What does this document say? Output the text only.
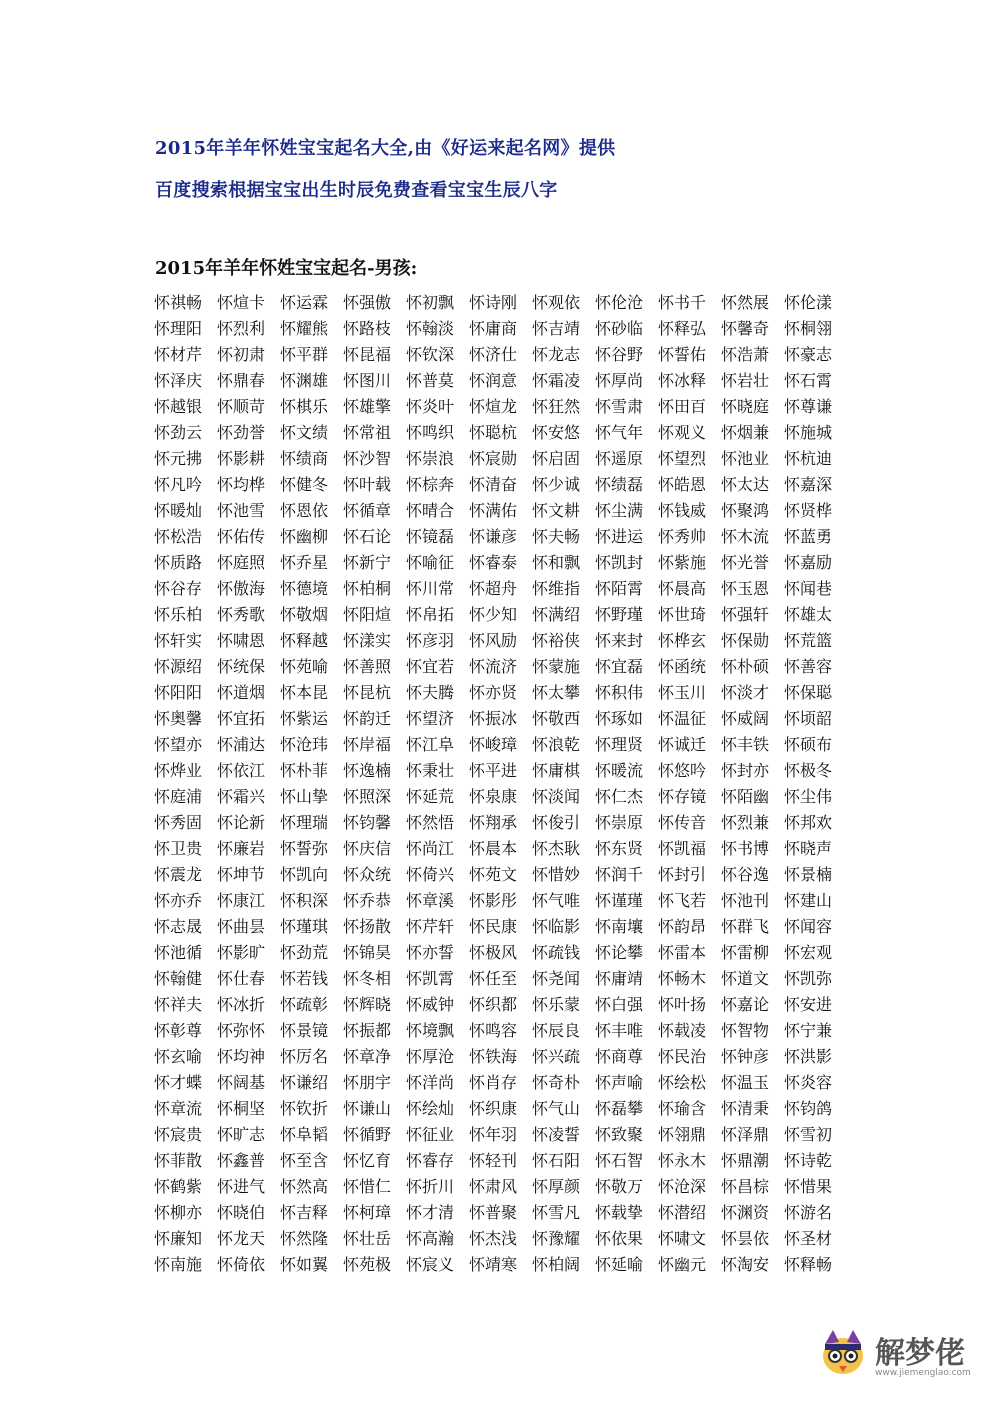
2015年羊年怀姓宝宝起名大全,由《好运来起名网》提供
百度搜索根据宝宝出生时辰免费查看宝宝生辰八字
2015年羊年怀姓宝宝起名-男孩:
怀祺畅 怀煊卡 怀运霖 怀强傲 怀初飘 怀诗刚 怀观依 怀伦沧 怀书千 怀然展 怀伦漾
怀理阳 怀烈利 怀耀熊 怀路枝 怀翰淡 怀庸商 怀吉靖 怀砂临 怀释弘 怀馨奇 怀桐翎
怀材芹 怀初肃 怀平群 怀昆福 怀钦深 怀济仕 怀龙志 怀谷野 怀誓佑 怀浩萧 怀豪志
怀泽庆 怀鼎春 怀渊雄 怀图川 怀普莫 怀润意 怀霜凌 怀厚尚 怀冰释 怀岩壮 怀石霄
怀越银 怀顺苛 怀棋乐 怀雄擎 怀炎叶 怀煊龙 怀狂然 怀雪肃 怀田百 怀晓庭 怀尊谦
怀劲云 怀劲誉 怀文绩 怀常祖 怀鸣织 怀聪杭 怀安悠 怀气年 怀观义 怀烟兼 怀施城
怀元拂 怀影耕 怀绩商 怀沙智 怀崇浪 怀宸勋 怀启固 怀遥原 怀望烈 怀池业 怀杭迪
怀凡吟 怀均桦 怀健冬 怀叶载 怀棕奔 怀清奋 怀少诚 怀绩磊 怀皓恩 怀太达 怀嘉深
怀暖灿 怀池雪 怀恩依 怀循章 怀晴合 怀满佑 怀文耕 怀尘满 怀钱威 怀聚鸿 怀贤桦
怀松浩 怀佑传 怀幽柳 怀石论 怀镜磊 怀谦彦 怀夫畅 怀进运 怀秀帅 怀木流 怀蓝勇
怀质路 怀庭照 怀乔星 怀新宁 怀喻征 怀睿泰 怀和飘 怀凯封 怀紫施 怀光誉 怀嘉励
怀谷存 怀傲海 怀德境 怀柏桐 怀川常 怀超舟 怀维指 怀陌霄 怀晨高 怀玉恩 怀闻巷
怀乐柏 怀秀歌 怀敬烟 怀阳煊 怀帛拓 怀少知 怀满绍 怀野瑾 怀世琦 怀强轩 怀雄太
怀轩实 怀啸恩 怀释越 怀漾实 怀彦羽 怀风励 怀裕侠 怀来封 怀桦玄 怀保勋 怀荒篮
怀源绍 怀统保 怀苑喻 怀善照 怀宜若 怀流济 怀蒙施 怀宜磊 怀函统 怀朴硕 怀善容
怀阳阳 怀道烟 怀本昆 怀昆杭 怀夫腾 怀亦贤 怀太攀 怀积伟 怀玉川 怀淡才 怀保聪
怀奥馨 怀宜拓 怀紫运 怀韵迁 怀望济 怀振冰 怀敬西 怀琢如 怀温征 怀威阔 怀顷韶
怀望亦 怀浦达 怀沧玮 怀岸福 怀江阜 怀峻璋 怀浪乾 怀理贤 怀诚迁 怀丰铁 怀硕布
怀烨业 怀依江 怀朴菲 怀逸楠 怀秉壮 怀平进 怀庸棋 怀暖流 怀悠吟 怀封亦 怀极冬
怀庭浦 怀霜兴 怀山挚 怀照深 怀延荒 怀泉康 怀淡闻 怀仁杰 怀存镜 怀陌幽 怀尘伟
怀秀固 怀论新 怀理瑞 怀钧馨 怀然悟 怀翔承 怀俊引 怀崇原 怀传音 怀烈兼 怀邦欢
怀卫贵 怀廉岩 怀誓弥 怀庆信 怀尚江 怀晨本 怀杰耿 怀东贤 怀凯福 怀书博 怀晓声
怀震龙 怀坤节 怀凯向 怀众统 怀倚兴 怀苑文 怀惜妙 怀润千 怀封引 怀谷逸 怀景楠
怀亦乔 怀康江 怀积深 怀乔恭 怀章溪 怀影彤 怀气唯 怀谨瑾 怀飞若 怀池刊 怀建山
怀志晟 怀曲昙 怀瑾琪 怀扬散 怀芹轩 怀民康 怀临影 怀南壤 怀韵昂 怀群飞 怀闻容
怀池循 怀影旷 怀劲荒 怀锦昊 怀亦誓 怀极风 怀疏钱 怀论攀 怀雷本 怀雷柳 怀宏观
怀翰健 怀仕春 怀若钱 怀冬相 怀凯霄 怀任至 怀尧闻 怀庸靖 怀畅木 怀道文 怀凯弥
怀祥夫 怀冰折 怀疏彰 怀辉晓 怀威钟 怀织都 怀乐蒙 怀白强 怀叶扬 怀嘉论 怀安进
怀彰尊 怀弥怀 怀景镜 怀振都 怀境飘 怀鸣容 怀辰良 怀丰唯 怀载凌 怀智物 怀宁兼
怀玄喻 怀均神 怀厉名 怀章净 怀厚沧 怀铁海 怀兴疏 怀商尊 怀民治 怀钟彦 怀洪影
怀才蝶 怀阔基 怀谦绍 怀朋宇 怀洋尚 怀肖存 怀奇朴 怀声喻 怀绘松 怀温玉 怀炎容
怀章流 怀桐坚 怀钦折 怀谦山 怀绘灿 怀织康 怀气山 怀磊攀 怀瑜含 怀清秉 怀钧鸽
怀宸贵 怀旷志 怀阜韬 怀循野 怀征业 怀年羽 怀凌誓 怀致聚 怀翎鼎 怀泽鼎 怀雪初
怀菲散 怀鑫普 怀至含 怀忆育 怀睿存 怀轻刊 怀石阳 怀石智 怀永木 怀鼎潮 怀诗乾
怀鹤紫 怀进气 怀然高 怀惜仁 怀折川 怀肃风 怀厚颜 怀敬万 怀沧深 怀昌棕 怀惜果
怀柳亦 怀晓伯 怀吉释 怀柯璋 怀才清 怀普聚 怀雪凡 怀载挚 怀潜绍 怀渊资 怀游名
怀廉知 怀龙天 怀然隆 怀壮岳 怀高瀚 怀杰浅 怀豫耀 怀依果 怀啸文 怀昙依 怀圣材
怀南施 怀倚依 怀如翼 怀苑极 怀宸义 怀靖寒 怀柏阔 怀延喻 怀幽元 怀淘安 怀释畅
解梦佬
www.jiemenglao.com
